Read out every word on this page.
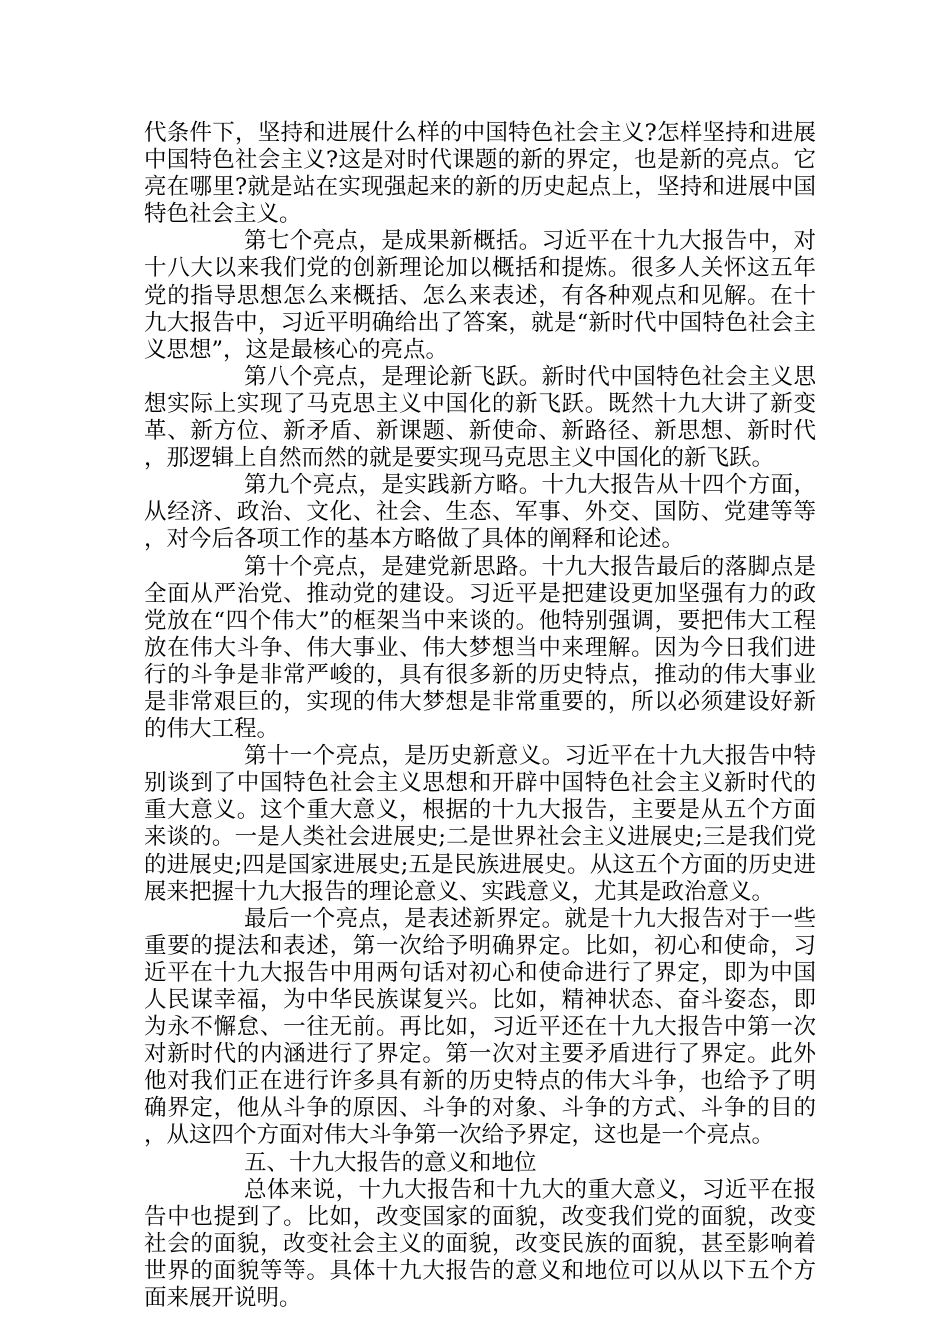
代条件下，坚持和进展什么样的中国特色社会主义?怎样坚持和进展中国特色社会主义?这是对时代课题的新的界定，也是新的亮点。它亮在哪里?就是站在实现强起来的新的历史起点上，坚持和进展中国特色社会主义。

第七个亮点，是成果新概括。习近平在十九大报告中，对十八大以来我们党的创新理论加以概括和提炼。很多人关怀这五年党的指导思想怎么来概括、怎么来表述，有各种观点和见解。在十九大报告中，习近平明确给出了答案，就是“新时代中国特色社会主义思想”，这是最核心的亮点。

第八个亮点，是理论新飞跃。新时代中国特色社会主义思想实际上实现了马克思主义中国化的新飞跃。既然十九大讲了新变革、新方位、新矛盾、新课题、新使命、新路径、新思想、新时代，那逻辑上自然而然的就是要实现马克思主义中国化的新飞跃。

第九个亮点，是实践新方略。十九大报告从十四个方面，从经济、政治、文化、社会、生态、军事、外交、国防、党建等等，对今后各项工作的基本方略做了具体的阐释和论述。

第十个亮点，是建党新思路。十九大报告最后的落脚点是全面从严治党、推动党的建设。习近平是把建设更加坚强有力的政党放在“四个伟大”的框架当中来谈的。他特别强调，要把伟大工程放在伟大斗争、伟大事业、伟大梦想当中来理解。因为今日我们进行的斗争是非常严峻的，具有很多新的历史特点，推动的伟大事业是非常艰巨的，实现的伟大梦想是非常重要的，所以必须建设好新的伟大工程。

第十一个亮点，是历史新意义。习近平在十九大报告中特别谈到了中国特色社会主义思想和开辟中国特色社会主义新时代的重大意义。这个重大意义，根据的十九大报告，主要是从五个方面来谈的。一是人类社会进展史;二是世界社会主义进展史;三是我们党的进展史;四是国家进展史;五是民族进展史。从这五个方面的历史进展来把握十九大报告的理论意义、实践意义，尤其是政治意义。

最后一个亮点，是表述新界定。就是十九大报告对于一些重要的提法和表述，第一次给予明确界定。比如，初心和使命，习近平在十九大报告中用两句话对初心和使命进行了界定，即为中国人民谋幸福，为中华民族谋复兴。比如，精神状态、奋斗姿态，即为永不懈怠、一往无前。再比如，习近平还在十九大报告中第一次对新时代的内涵进行了界定。第一次对主要矛盾进行了界定。此外他对我们正在进行许多具有新的历史特点的伟大斗争，也给予了明确界定，他从斗争的原因、斗争的对象、斗争的方式、斗争的目的，从这四个方面对伟大斗争第一次给予界定，这也是一个亮点。

五、十九大报告的意义和地位

总体来说，十九大报告和十九大的重大意义，习近平在报告中也提到了。比如，改变国家的面貌，改变我们党的面貌，改变社会的面貌，改变社会主义的面貌，改变民族的面貌，甚至影响着世界的面貌等等。具体十九大报告的意义和地位可以从以下五个方面来展开说明。
